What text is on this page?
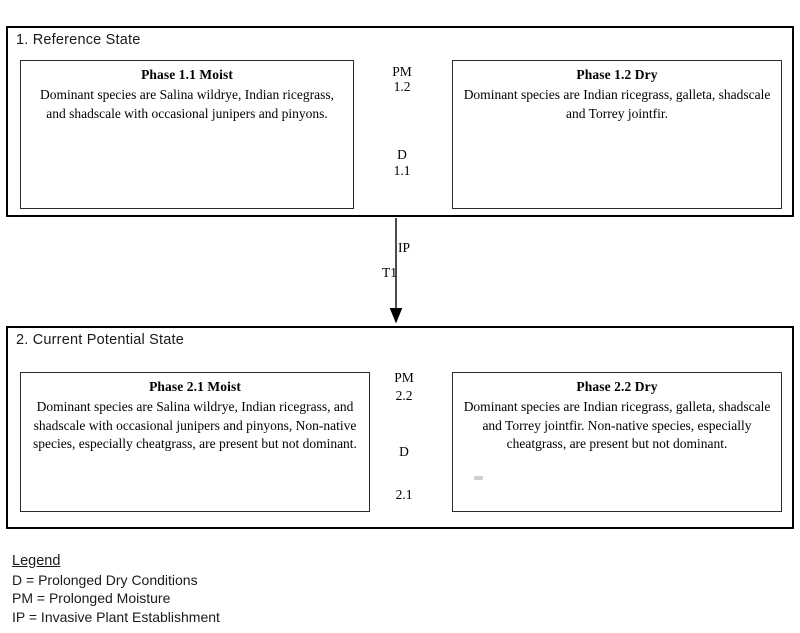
1. Reference State
Phase 1.1 Moist
Dominant species are Salina wildrye, Indian ricegrass, and shadscale with occasional junipers and pinyons.
Phase 1.2 Dry
Dominant species are Indian ricegrass, galleta, shadscale and Torrey jointfir.
PM
1.2
D
1.1
IP
T1
2. Current Potential State
Phase 2.1 Moist
Dominant species are Salina wildrye, Indian ricegrass, and shadscale with occasional junipers and pinyons, Non-native species, especially cheatgrass, are present but not dominant.
Phase 2.2 Dry
Dominant species are Indian ricegrass, galleta, shadscale and Torrey jointfir. Non-native species, especially cheatgrass, are present but not dominant.
PM
2.2
D
2.1
Legend
D = Prolonged Dry Conditions
PM = Prolonged Moisture
IP = Invasive Plant Establishment
